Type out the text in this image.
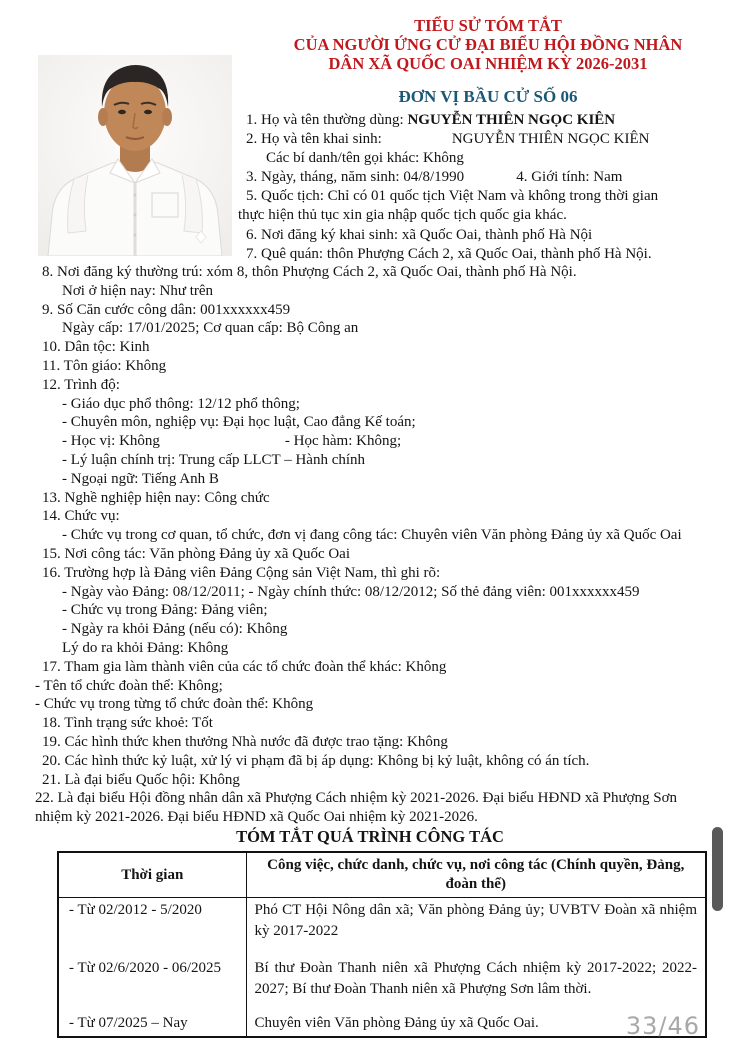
TIỂU SỬ TÓM TẮT
CỦA NGƯỜI ỨNG CỬ ĐẠI BIỂU HỘI ĐỒNG NHÂN
DÂN XÃ QUỐC OAI NHIỆM KỲ 2026-2031
ĐƠN VỊ BẦU CỬ SỐ 06
1. Họ và tên thường dùng: NGUYỄN THIÊN NGỌC KIÊN
2. Họ và tên khai sinh:	NGUYỄN THIÊN NGỌC KIÊN
Các bí danh/tên gọi khác: Không
3. Ngày, tháng, năm sinh: 04/8/1990	4. Giới tính: Nam
5. Quốc tịch: Chỉ có 01 quốc tịch Việt Nam và không trong thời gian
thực hiện thủ tục xin gia nhập quốc tịch quốc gia khác.
6. Nơi đăng ký khai sinh: xã Quốc Oai, thành phố Hà Nội
7. Quê quán: thôn Phượng Cách 2, xã Quốc Oai, thành phố Hà Nội.
8. Nơi đăng ký thường trú: xóm 8, thôn Phượng Cách 2, xã Quốc Oai, thành phố Hà Nội.
Nơi ở hiện nay: Như trên
9. Số Căn cước công dân: 001xxxxxx459
Ngày cấp: 17/01/2025; Cơ quan cấp: Bộ Công an
10. Dân tộc: Kinh
11. Tôn giáo: Không
12. Trình độ:
- Giáo dục phổ thông: 12/12 phổ thông;
- Chuyên môn, nghiệp vụ: Đại học luật, Cao đẳng Kế toán;
- Học vị: Không	- Học hàm: Không;
- Lý luận chính trị: Trung cấp LLCT – Hành chính
- Ngoại ngữ: Tiếng Anh B
13. Nghề nghiệp hiện nay: Công chức
14. Chức vụ:
- Chức vụ trong cơ quan, tổ chức, đơn vị đang công tác: Chuyên viên Văn phòng Đảng ủy xã Quốc Oai
15. Nơi công tác: Văn phòng Đảng ủy xã Quốc Oai
16. Trường hợp là Đảng viên Đảng Cộng sản Việt Nam, thì ghi rõ:
- Ngày vào Đảng: 08/12/2011; - Ngày chính thức: 08/12/2012; Số thẻ đảng viên: 001xxxxxx459
- Chức vụ trong Đảng: Đảng viên;
- Ngày ra khỏi Đảng (nếu có): Không
Lý do ra khỏi Đảng: Không
17. Tham gia làm thành viên của các tổ chức đoàn thể khác: Không
- Tên tổ chức đoàn thể: Không;
- Chức vụ trong từng tổ chức đoàn thể: Không
18. Tình trạng sức khoẻ: Tốt
19. Các hình thức khen thưởng Nhà nước đã được trao tặng: Không
20. Các hình thức kỷ luật, xử lý vi phạm đã bị áp dụng: Không bị kỷ luật, không có án tích.
21. Là đại biểu Quốc hội: Không
22. Là đại biểu Hội đồng nhân dân xã Phượng Cách nhiệm kỳ 2021-2026. Đại biểu HĐND xã Phượng Sơn
nhiệm kỳ 2021-2026. Đại biểu HĐND xã Quốc Oai nhiệm kỳ 2021-2026.
TÓM TẮT QUÁ TRÌNH CÔNG TÁC
Thời gian	Công việc, chức danh, chức vụ, nơi công tác (Chính quyền, Đảng, đoàn thể)
- Từ 02/2012 - 5/2020	Phó CT Hội Nông dân xã; Văn phòng Đảng ủy; UVBTV Đoàn xã nhiệm kỳ 2017-2022
- Từ 02/6/2020 - 06/2025	Bí thư Đoàn Thanh niên xã Phượng Cách nhiệm kỳ 2017-2022; 2022-2027; Bí thư Đoàn Thanh niên xã Phượng Sơn lâm thời.
- Từ 07/2025 – Nay	Chuyên viên Văn phòng Đảng ủy xã Quốc Oai.	33/46
